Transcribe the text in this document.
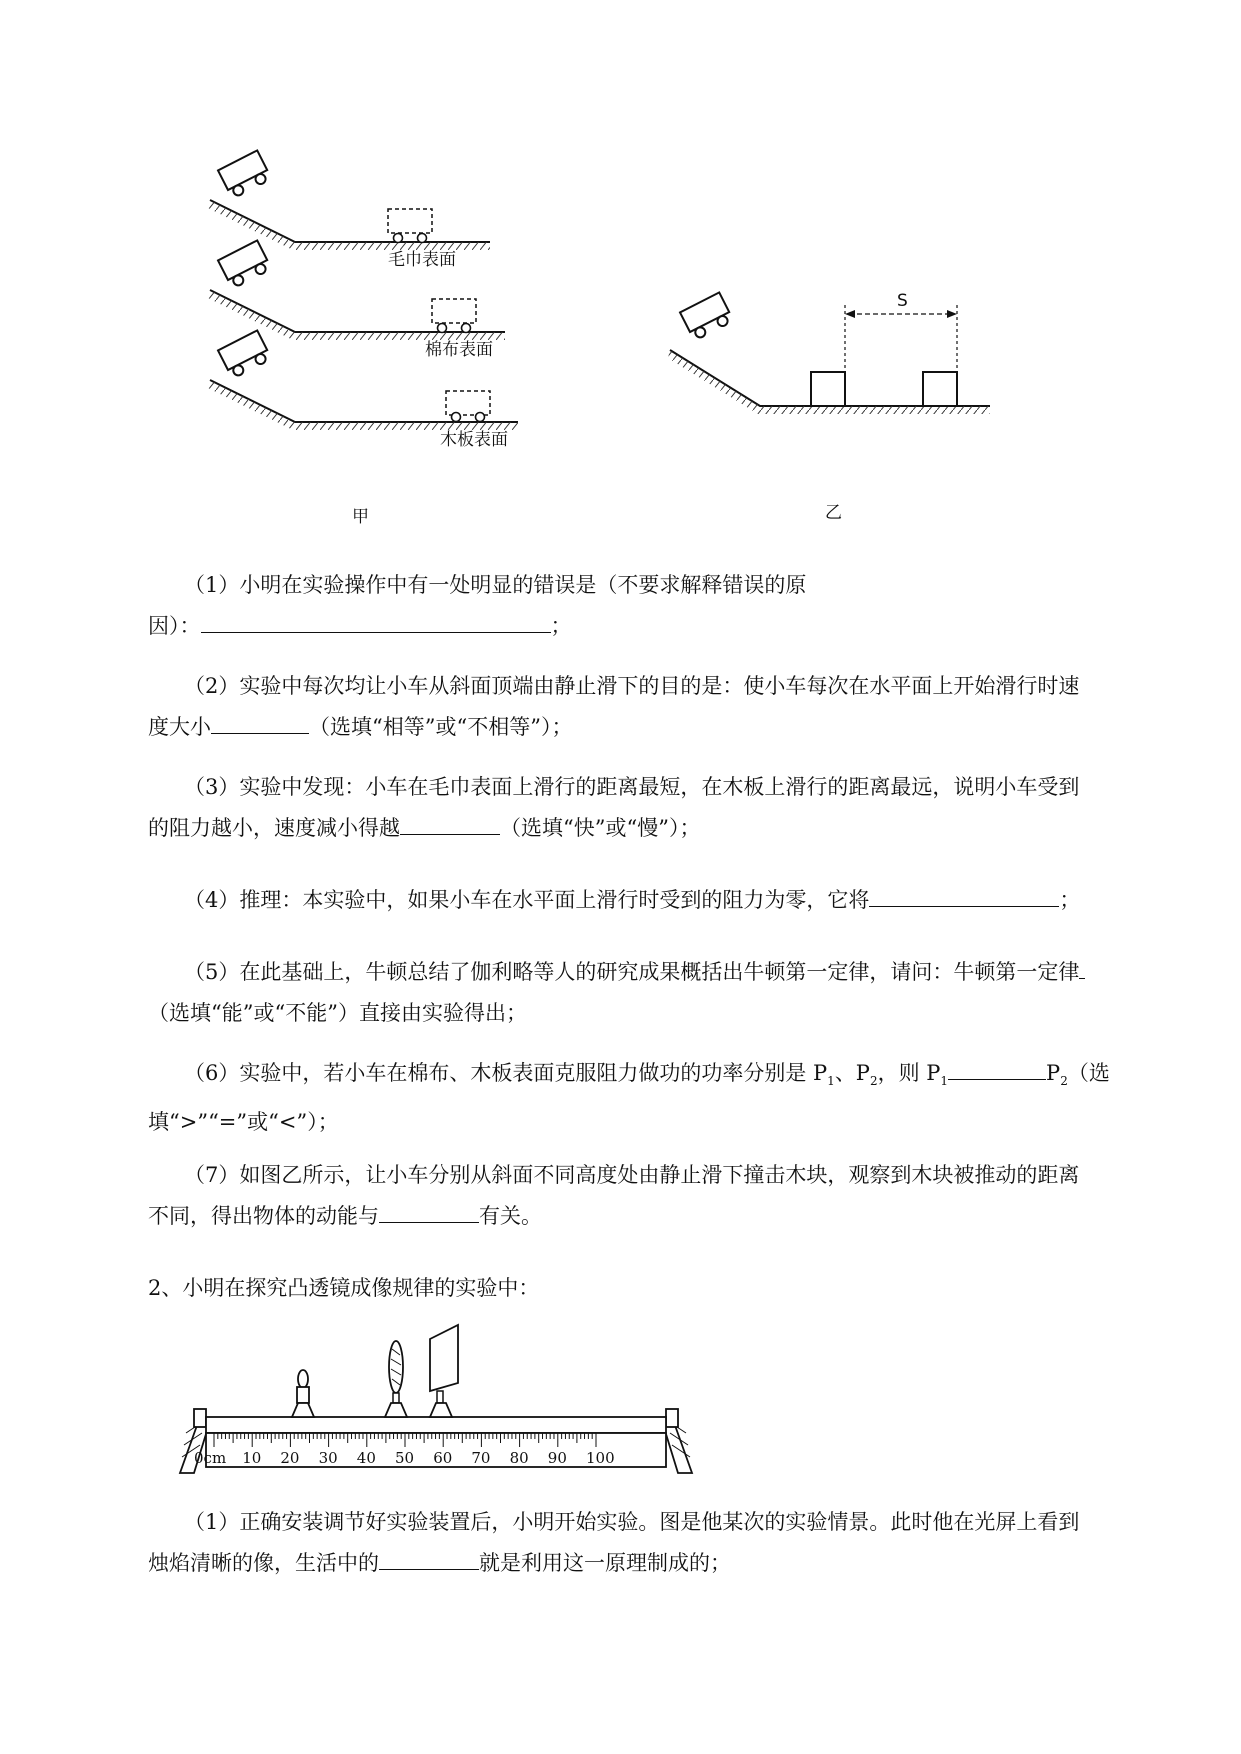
毛巾表面
棉布表面
木板表面
甲
S
乙
（1）小明在实验操作中有一处明显的错误是（不要求解释错误的原
因）：	；
（2）实验中每次均让小车从斜面顶端由静止滑下的目的是：使小车每次在水平面上开始滑行时速
度大小	（选填“相等”或“不相等”）；
（3）实验中发现：小车在毛巾表面上滑行的距离最短，在木板上滑行的距离最远，说明小车受到
的阻力越小，速度减小得越	（选填“快”或“慢”）；
（4）推理：本实验中，如果小车在水平面上滑行时受到的阻力为零，它将	；
（5）在此基础上，牛顿总结了伽利略等人的研究成果概括出牛顿第一定律，请问：牛顿第一定律
（选填“能”或“不能”）直接由实验得出；
（6）实验中，若小车在棉布、木板表面克服阻力做功的功率分别是 $P_1$、$P_2$，则 $P_1$	$P_2$（选
填“>”“=”或“<”）；
（7）如图乙所示，让小车分别从斜面不同高度处由静止滑下撞击木块，观察到木块被推动的距离
不同，得出物体的动能与	有关。
2、小明在探究凸透镜成像规律的实验中：
0cm 10 20 30 40 50 60 70 80 90 100
（1）正确安装调节好实验装置后，小明开始实验。图是他某次的实验情景。此时他在光屏上看到
烛焰清晰的像，生活中的	就是利用这一原理制成的；
